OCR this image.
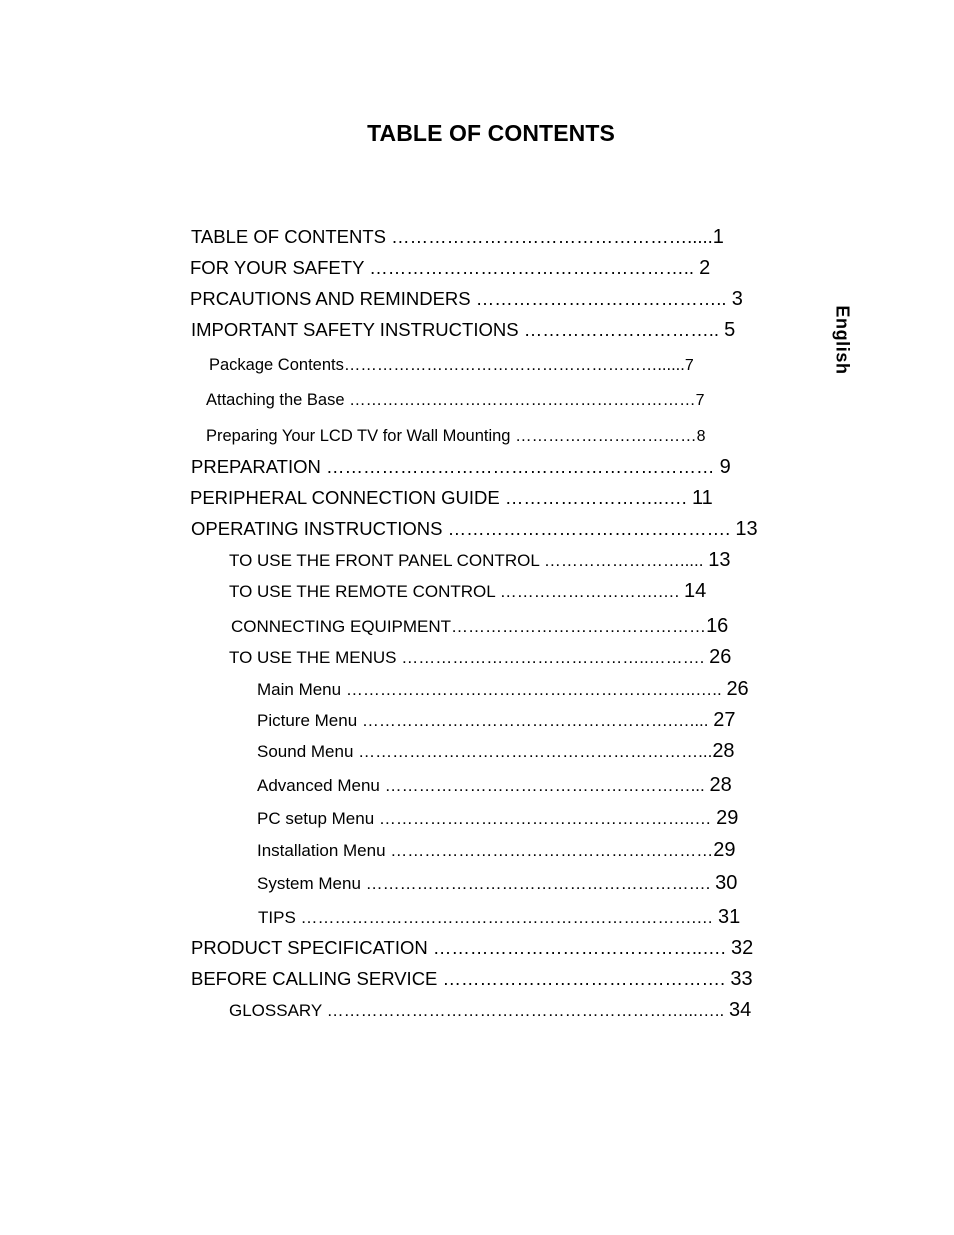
TABLE OF CONTENTS
English
TABLE OF CONTENTS ………………………………………….....1
FOR YOUR SAFETY …………………………………………….. 2
PRCAUTIONS AND REMINDERS ………………………………….. 3
IMPORTANT SAFETY INSTRUCTIONS ………………………….. 5
Package Contents…………………………………………………......7
Attaching the Base ………………………………………………………7
Preparing Your LCD TV for Wall Mounting ……………………………8
PREPARATION ……………………………………………………… 9
PERIPHERAL CONNECTION GUIDE ……………………..…. 11
OPERATING INSTRUCTIONS ………………………………………. 13
TO USE THE FRONT PANEL CONTROL ……………………..... 13
TO USE THE REMOTE CONTROL ……………………….…. 14
CONNECTING EQUIPMENT………………………………………16
TO USE THE MENUS ……………………………………..………. 26
Main Menu ……………………………………………………..….. 26
Picture Menu ……………………………………………….….... 27
Sound Menu ……………………………………………………...28
Advanced Menu ………………………………………………... 28
PC setup Menu ………………………………………………..… 29
Installation Menu …………………………………………………29
System Menu ……………………………………………………. 30
TIPS …………………………………………………………….… 31
PRODUCT SPECIFICATION ……………………………………..…. 32
BEFORE CALLING SERVICE ………………………………………. 33
GLOSSARY ………………………………………………………...….. 34
